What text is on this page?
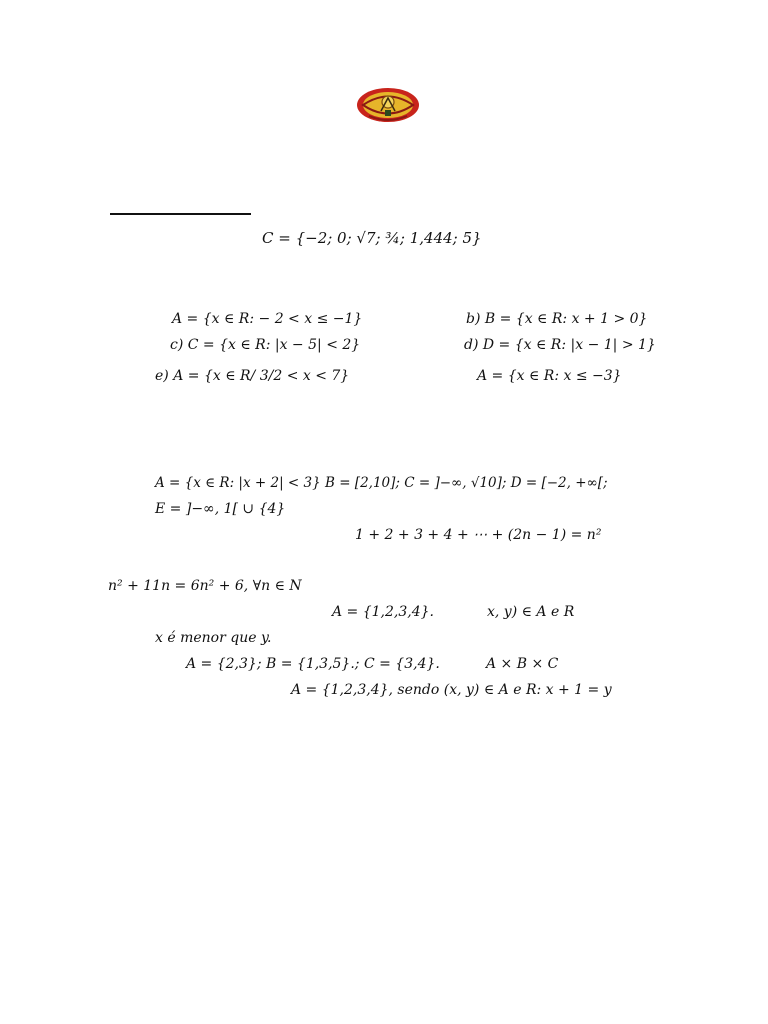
C = {−2; 0; √7; ¾; 1,444; 5}
A = {x ∈ R: − 2 < x ≤ −1}	b) B = {x ∈ R: x + 1 > 0}
c) C = {x ∈ R: |x − 5| < 2}	d) D = {x ∈ R: |x − 1| > 1}
e) A = {x ∈ R/ 3/2 < x < 7}	A = {x ∈ R: x ≤ −3}
A = {x ∈ R: |x + 2| < 3} B = [2,10]; C = ]−∞, √10]; D = [−2, +∞[;
E = ]−∞, 1[ ∪ {4}
1 + 2 + 3 + 4 + ⋯ + (2n − 1) = n²
n² + 11n = 6n² + 6, ∀n ∈ N
A = {1,2,3,4}.	x, y) ∈ A e R
x é menor que y.
A = {2,3}; B = {1,3,5}.; C = {3,4}.	A × B × C
A = {1,2,3,4}, sendo (x, y) ∈ A e R: x + 1 = y
